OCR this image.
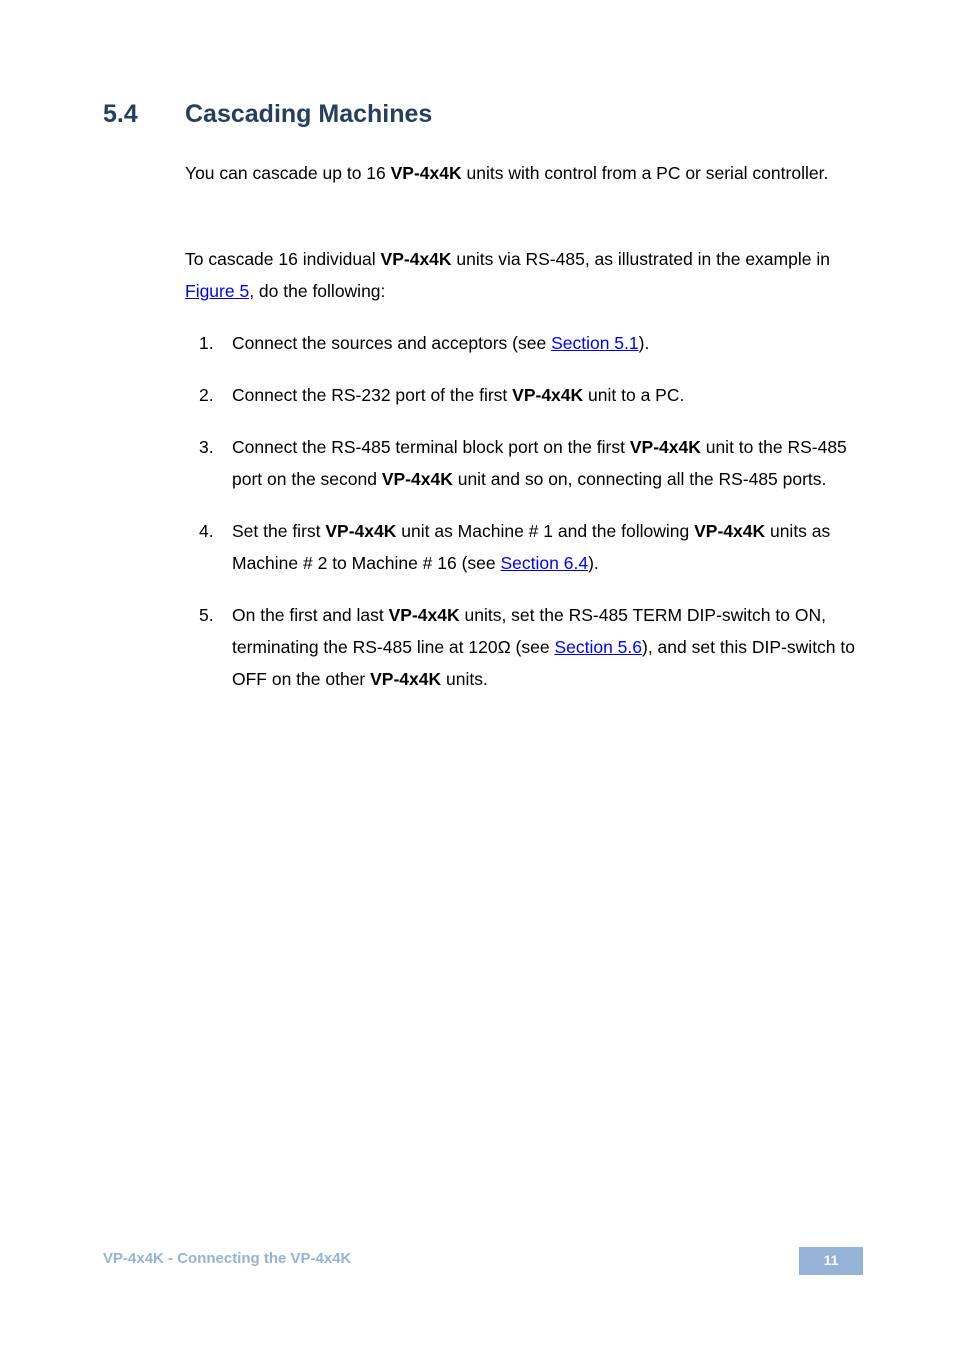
5.4 Cascading Machines

You can cascade up to 16 VP-4x4K units with control from a PC or serial controller.

To cascade 16 individual VP-4x4K units via RS-485, as illustrated in the example in Figure 5, do the following:

1. Connect the sources and acceptors (see Section 5.1).
2. Connect the RS-232 port of the first VP-4x4K unit to a PC.
3. Connect the RS-485 terminal block port on the first VP-4x4K unit to the RS-485 port on the second VP-4x4K unit and so on, connecting all the RS-485 ports.
4. Set the first VP-4x4K unit as Machine # 1 and the following VP-4x4K units as Machine # 2 to Machine # 16 (see Section 6.4).
5. On the first and last VP-4x4K units, set the RS-485 TERM DIP-switch to ON, terminating the RS-485 line at 120Ω (see Section 5.6), and set this DIP-switch to OFF on the other VP-4x4K units.
VP-4x4K - Connecting the VP-4x4K	11
